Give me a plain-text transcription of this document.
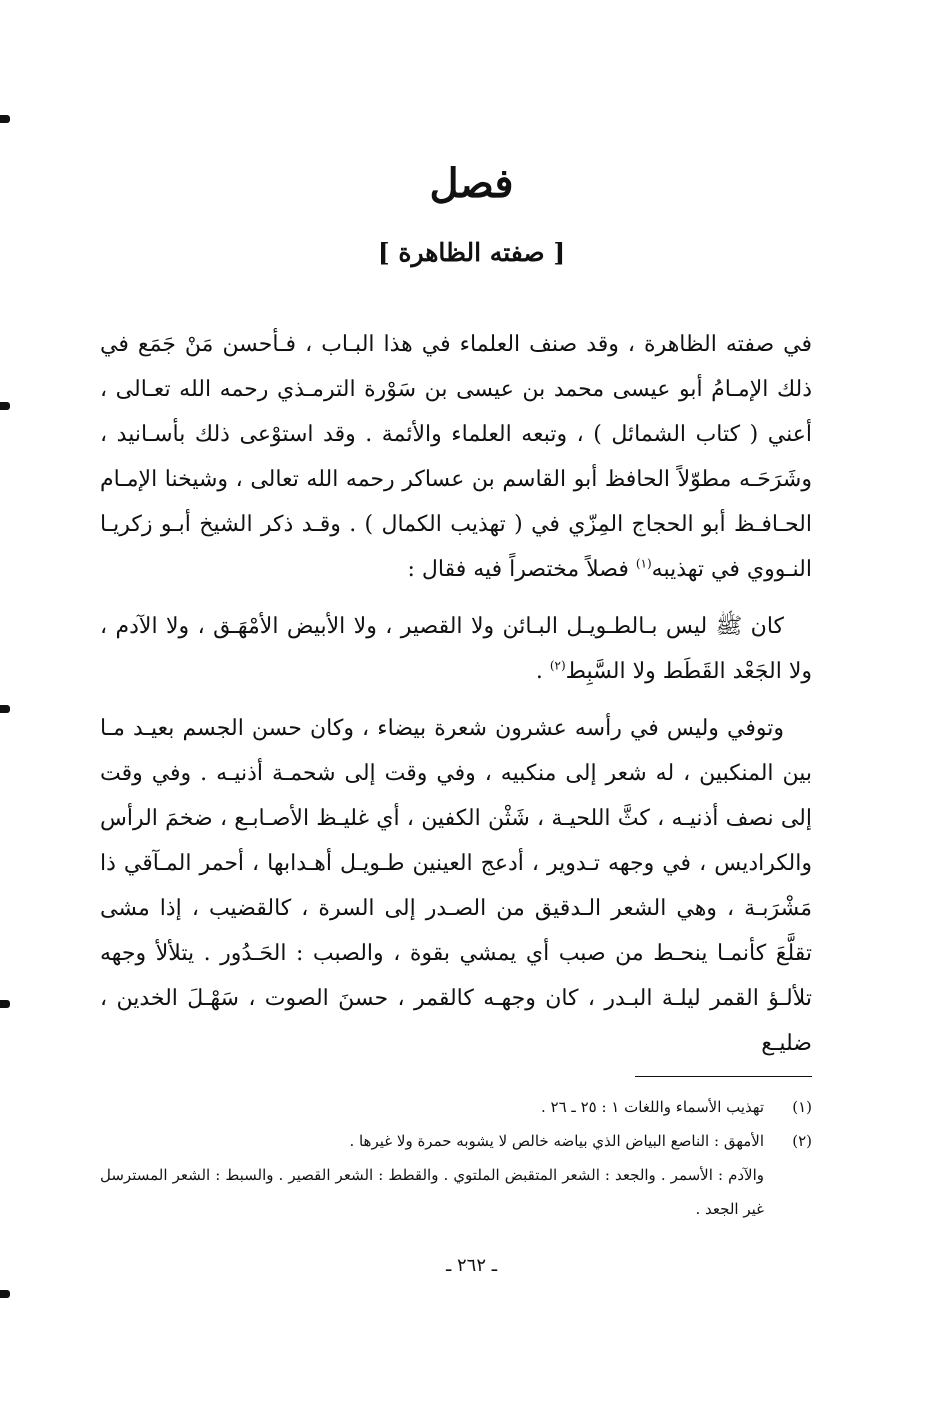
فصل
[ صفته الظاهرة ]

في صفته الظاهرة ، وقد صنف العلماء في هذا البـاب ، فـأحسن مَنْ جَمَع في ذلك الإمـامُ أبو عيسى محمد بن عيسى بن سَوْرة الترمـذي رحمه الله تعـالى ، أعني ( كتاب الشمائل ) ، وتبعه العلماء والأئمة . وقد استوْعى ذلك بأسـانيد ، وشَرَحَـه مطوّلاً الحافظ أبو القاسم بن عساكر رحمه الله تعالى ، وشيخنا الإمـام الحـافـظ أبو الحجاج المِزّي في ( تهذيب الكمال ) . وقـد ذكر الشيخ أبـو زكريـا النـووي في تهذيبه$^{(١)}$ فصلاً مختصراً فيه فقال :

كان ﷺ ليس بـالطـويـل البـائن ولا القصير ، ولا الأبيض الأمْهَـق ، ولا الآدم ، ولا الجَعْد القَطَط ولا السَّبِط$^{(٢)}$ .

وتوفي وليس في رأسه عشرون شعرة بيضاء ، وكان حسن الجسم بعيـد مـا بين المنكبين ، له شعر إلى منكبيه ، وفي وقت إلى شحمـة أذنيـه . وفي وقت إلى نصف أذنيـه ، كثَّ اللحيـة ، شَثْن الكفين ، أي غليـظ الأصـابـع ، ضخمَ الرأس والكراديس ، في وجهه تـدوير ، أدعج العينين طـويـل أهـدابها ، أحمر المـآقي ذا مَشْرَبـة ، وهي الشعر الـدقيق من الصـدر إلى السرة ، كالقضيب ، إذا مشى تقلَّعَ كأنمـا ينحـط من صبب أي يمشي بقوة ، والصبب : الحَـدُور . يتلألأ وجهه تلألـؤ القمر ليلـة البـدر ، كان وجهـه كالقمر ، حسنَ الصوت ، سَهْـلَ الخدين ، ضليـع

(١)
تهذيب الأسماء واللغات ١ : ٢٥ ـ ٢٦ .
(٢)
الأمهق : الناصع البياض الذي بياضه خالص لا يشوبه حمرة ولا غيرها .
والآدم : الأسمر . والجعد : الشعر المتقبض الملتوي . والقطط : الشعر القصير . والسبط : الشعر المسترسل غير الجعد .
ـ ٢٦٢ ـ
